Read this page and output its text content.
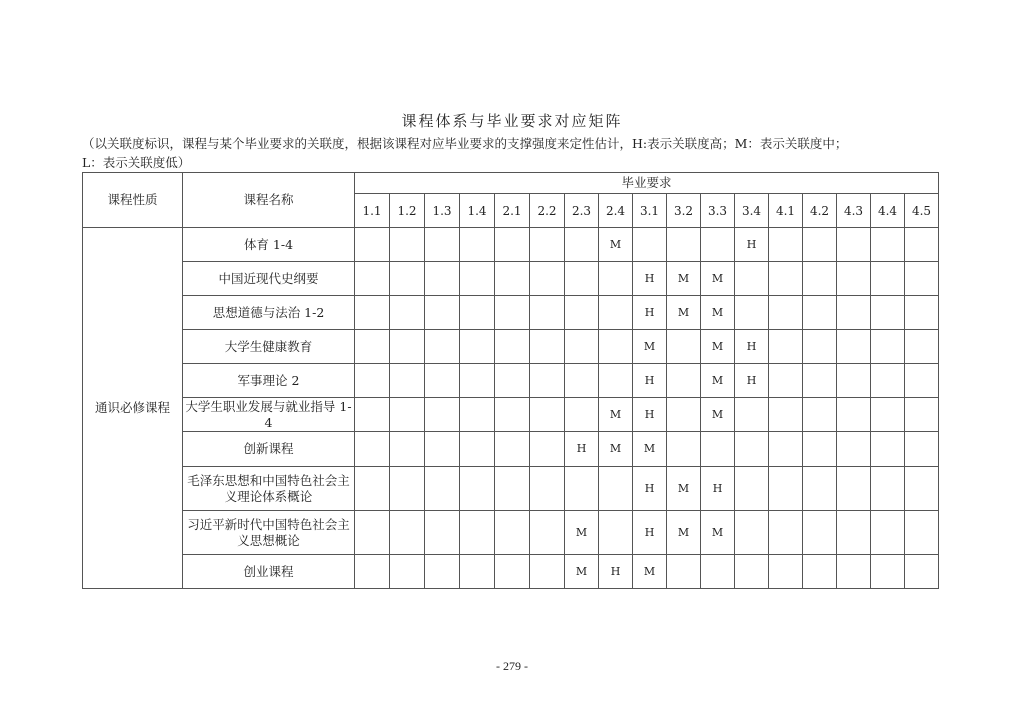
课程体系与毕业要求对应矩阵
（以关联度标识，课程与某个毕业要求的关联度，根据该课程对应毕业要求的支撑强度来定性估计，H:表示关联度高；M：表示关联度中；
L：表示关联度低）
课程性质	课程名称	毕业要求																
		1.1	1.2	1.3	1.4	2.1	2.2	2.3	2.4	3.1	3.2	3.3	3.4	4.1	4.2	4.3	4.4	4.5
通识必修课程	体育 1-4								M				H					
	中国近现代史纲要									H	M	M						
	思想道德与法治 1-2									H	M	M						
	大学生健康教育									M		M	H					
	军事理论 2									H		M	H					
	大学生职业发展与就业指导 1-4								M	H		M						
	创新课程							H	M	M								
	毛泽东思想和中国特色社会主义理论体系概论									H	M	H						
	习近平新时代中国特色社会主义思想概论							M		H	M	M						
	创业课程							M	H	M								
- 279 -
